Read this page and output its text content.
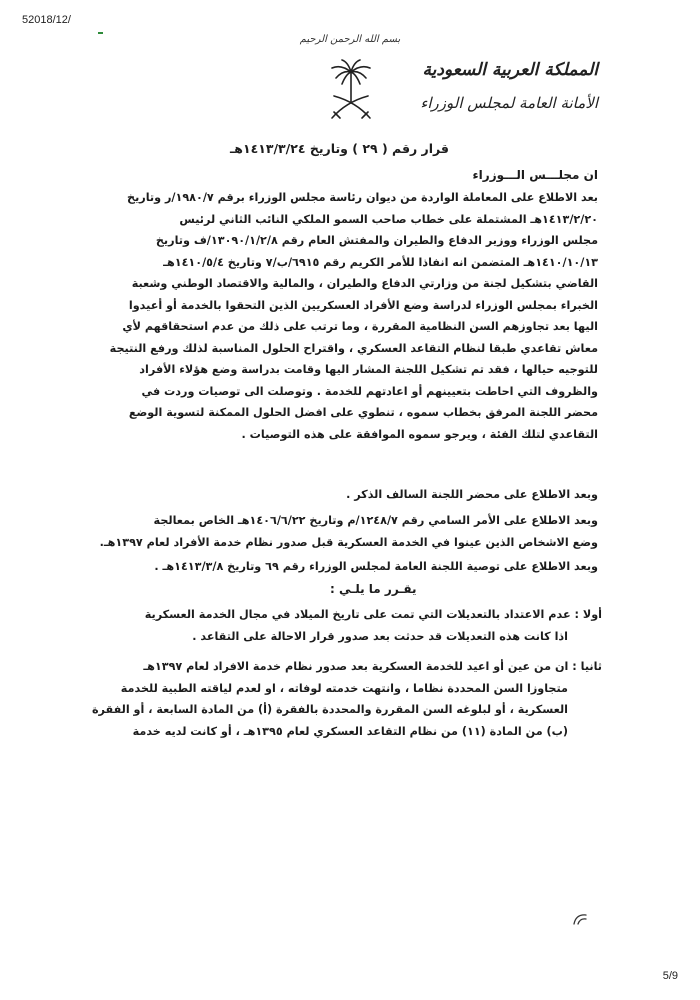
52018/12/
بسم الله الرحمن الرحيم
المملكة العربية السعودية
الأمانة العامة لمجلس الوزراء
قرار رقم ( ٢٩ ) وتاريخ ١٤١٣/٣/٢٤هـ
ان مجلـــس الـــوزراء
بعد الاطلاع على المعاملة الواردة من ديوان رئاسة مجلس الوزراء برقم ١٩٨٠/٧/ر وتاريخ
١٤١٣/٢/٢٠هـ المشتملة على خطاب صاحب السمو الملكي النائب الثاني لرئيس
مجلس الوزراء ووزير الدفاع والطيران والمفتش العام رقم ١٣٠٩٠/١/٢/٨/ف وتاريخ
١٤١٠/١٠/١٣هـ المتضمن انه انفاذا للأمر الكريم رقم ٦٩١٥/ب/٧ وتاريخ ١٤١٠/٥/٤هـ
القاضي بتشكيل لجنة من وزارتي الدفاع والطيران ، والمالية والاقتصاد الوطني وشعبة
الخبراء بمجلس الوزراء لدراسة وضع الأفراد العسكريين الذين التحقوا بالخدمة أو أعيدوا
اليها بعد تجاوزهم السن النظامية المقررة ، وما ترتب على ذلك من عدم استحقاقهم لأي
معاش تقاعدي طبقا لنظام التقاعد العسكري ، واقتراح الحلول المناسبة لذلك ورفع النتيجة
للتوجيه حيالها ، فقد تم تشكيل اللجنة المشار اليها وقامت بدراسة وضع هؤلاء الأفراد
والظروف التي احاطت بتعيينهم أو اعادتهم للخدمة . وتوصلت الى توصيات وردت في
محضر اللجنة المرفق بخطاب سموه ، تنطوي على افضل الحلول الممكنة لتسوية الوضع
التقاعدي لتلك الفئة ، ويرجو سموه الموافقة على هذه التوصيات .
وبعد الاطلاع على محضر اللجنة السالف الذكر .
وبعد الاطلاع على الأمر السامي رقم ١٢٤٨/٧/م وتاريخ ١٤٠٦/٦/٢٢هـ الخاص بمعالجة
وضع الاشخاص الذين عينوا في الخدمة العسكرية قبل صدور نظام خدمة الأفراد لعام ١٣٩٧هـ.
وبعد الاطلاع على توصية اللجنة العامة لمجلس الوزراء رقم ٦٩ وتاريخ ١٤١٣/٣/٨هـ .
يقـرر ما يلـي :
أولا : عدم الاعتداد بالتعديلات التي تمت على تاريخ الميلاد في مجال الخدمة العسكرية
اذا كانت هذه التعديلات قد حدثت بعد صدور قرار الاحالة على التقاعد .
ثانيا : ان من عين أو اعيد للخدمة العسكرية بعد صدور نظام خدمة الافراد لعام ١٣٩٧هـ
متجاوزا السن المحددة نظاما ، وانتهت خدمته لوفاته ، او لعدم لياقته الطبية للخدمة
العسكرية ، أو لبلوغه السن المقررة والمحددة بالفقرة (أ) من المادة السابعة ، أو الفقرة
(ب) من المادة (١١) من نظام التقاعد العسكري لعام ١٣٩٥هـ ، أو كانت لديه خدمة
5/9
